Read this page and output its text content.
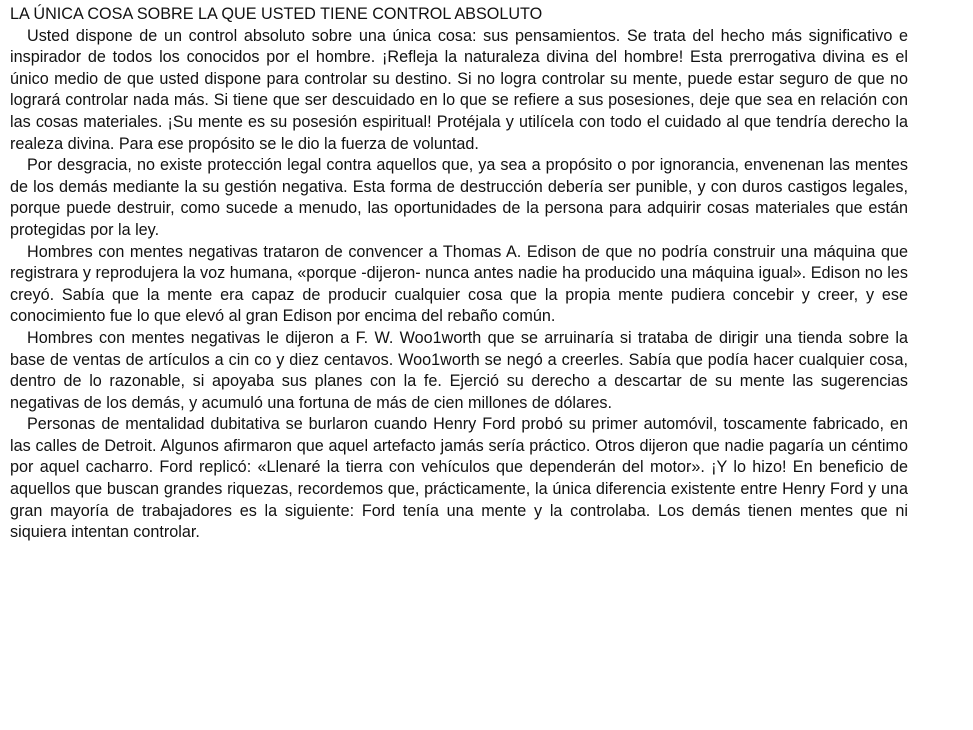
LA ÚNICA COSA SOBRE LA QUE USTED TIENE CONTROL ABSOLUTO

Usted dispone de un control absoluto sobre una única cosa: sus pensamientos. Se trata del hecho más significativo e inspirador de todos los conocidos por el hombre. ¡Refleja la naturaleza divina del hombre! Esta prerrogativa divina es el único medio de que usted dispone para controlar su destino. Si no logra controlar su mente, puede estar seguro de que no logrará controlar nada más. Si tiene que ser descuidado en lo que se refiere a sus posesiones, deje que sea en relación con las cosas materiales. ¡Su mente es su posesión espiritual! Protéjala y utilícela con todo el cuidado al que tendría derecho la realeza divina. Para ese propósito se le dio la fuerza de voluntad.

Por desgracia, no existe protección legal contra aquellos que, ya sea a propósito o por ignorancia, envenenan las mentes de los demás mediante la su gestión negativa. Esta forma de destrucción debería ser punible, y con duros castigos legales, porque puede destruir, como sucede a menudo, las oportunidades de la persona para adquirir cosas materiales que están protegidas por la ley.

Hombres con mentes negativas trataron de convencer a Thomas A. Edison de que no podría construir una máquina que registrara y reprodujera la voz humana, «porque -dijeron- nunca antes nadie ha producido una máquina igual». Edison no les creyó. Sabía que la mente era capaz de producir cualquier cosa que la propia mente pudiera concebir y creer, y ese conocimiento fue lo que elevó al gran Edison por encima del rebaño común.

Hombres con mentes negativas le dijeron a F. W. Woo1worth que se arruinaría si trataba de dirigir una tienda sobre la base de ventas de artículos a cin co y diez centavos. Woo1worth se negó a creerles. Sabía que podía hacer cualquier cosa, dentro de lo razonable, si apoyaba sus planes con la fe. Ejerció su derecho a descartar de su mente las sugerencias negativas de los demás, y acumuló una fortuna de más de cien millones de dólares.

Personas de mentalidad dubitativa se burlaron cuando Henry Ford probó su primer automóvil, toscamente fabricado, en las calles de Detroit. Algunos afirmaron que aquel artefacto jamás sería práctico. Otros dijeron que nadie pagaría un céntimo por aquel cacharro. Ford replicó: «Llenaré la tierra con vehículos que dependerán del motor». ¡Y lo hizo! En beneficio de aquellos que buscan grandes riquezas, recordemos que, prácticamente, la única diferencia existente entre Henry Ford y una gran mayoría de trabajadores es la siguiente: Ford tenía una mente y la controlaba. Los demás tienen mentes que ni siquiera intentan controlar.
